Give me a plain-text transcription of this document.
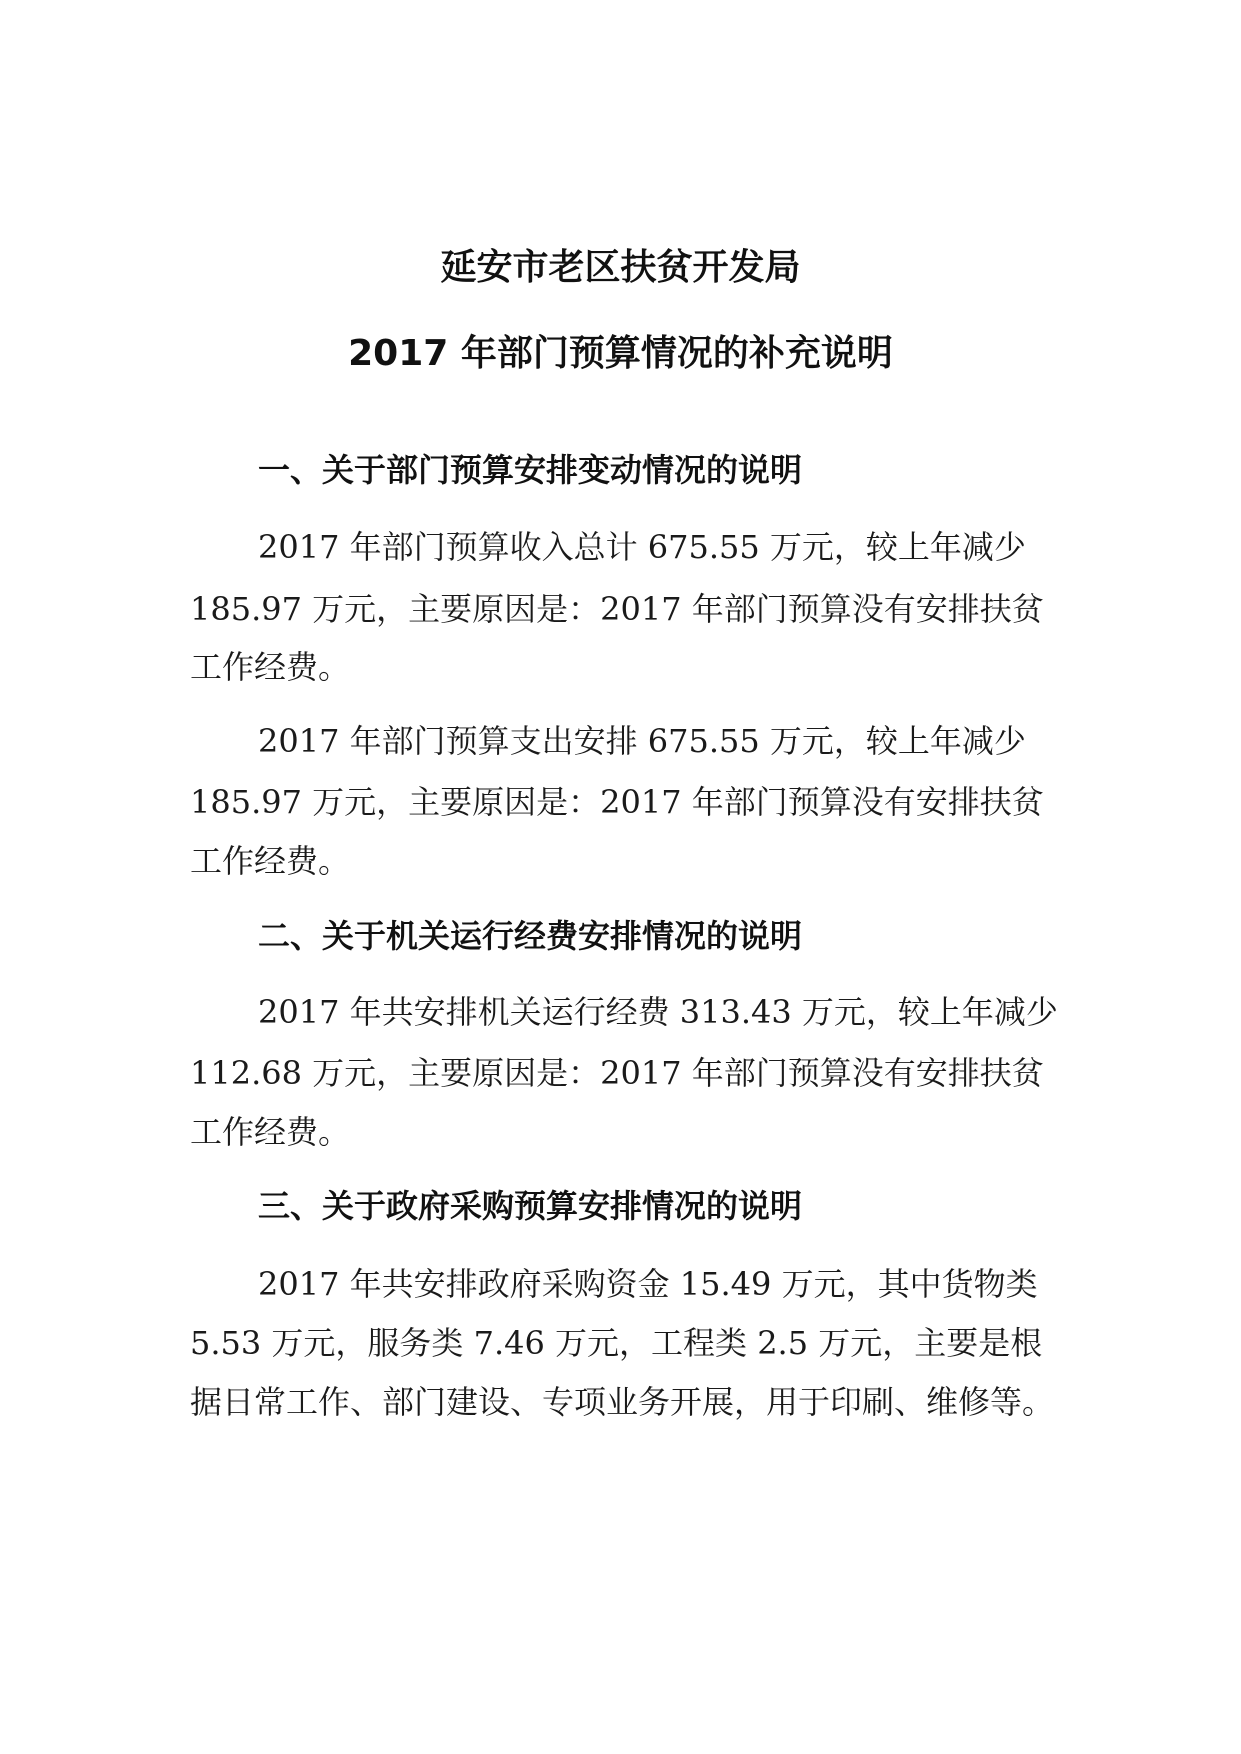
延安市老区扶贫开发局
2017 年部门预算情况的补充说明
一、关于部门预算安排变动情况的说明
2017 年部门预算收入总计 675.55 万元，较上年减少
185.97 万元，主要原因是：2017 年部门预算没有安排扶贫
工作经费。
2017 年部门预算支出安排 675.55 万元，较上年减少
185.97 万元，主要原因是：2017 年部门预算没有安排扶贫
工作经费。
二、关于机关运行经费安排情况的说明
2017 年共安排机关运行经费 313.43 万元，较上年减少
112.68 万元，主要原因是：2017 年部门预算没有安排扶贫
工作经费。
三、关于政府采购预算安排情况的说明
2017 年共安排政府采购资金 15.49 万元，其中货物类
5.53 万元，服务类 7.46 万元，工程类 2.5 万元，主要是根
据日常工作、部门建设、专项业务开展，用于印刷、维修等。
